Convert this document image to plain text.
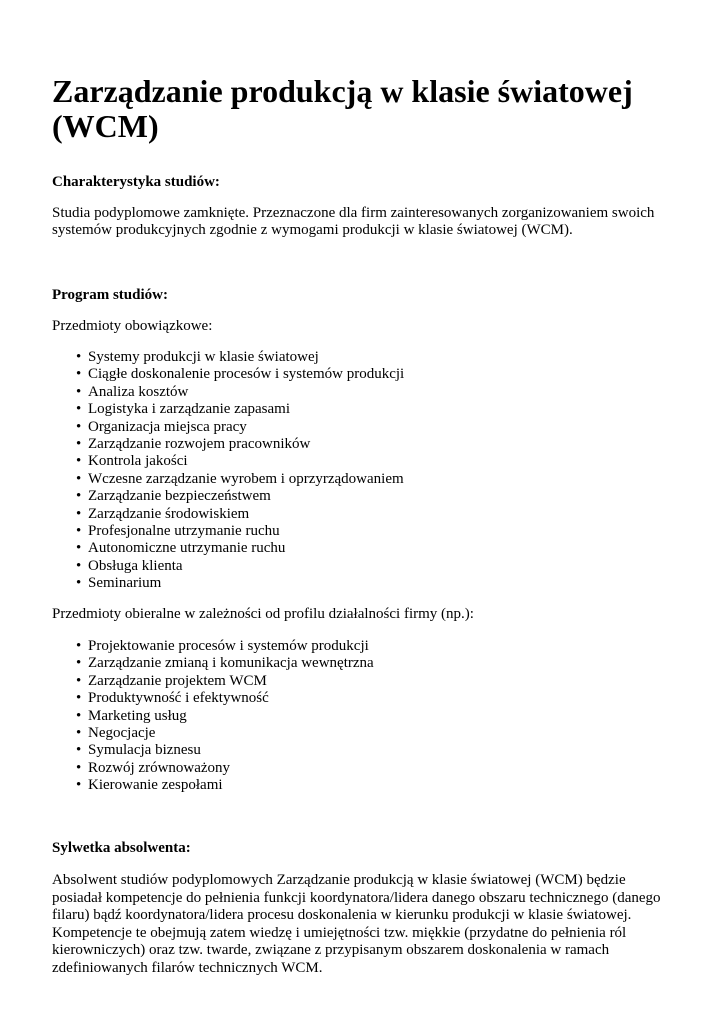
Zarządzanie produkcją w klasie światowej (WCM)
Charakterystyka studiów:

Studia podyplomowe zamknięte. Przeznaczone dla firm zainteresowanych zorganizowaniem swoich systemów produkcyjnych zgodnie z wymogami produkcji w klasie światowej (WCM).

Program studiów:

Przedmioty obowiązkowe:

• Systemy produkcji w klasie światowej
• Ciągłe doskonalenie procesów i systemów produkcji
• Analiza kosztów
• Logistyka i zarządzanie zapasami
• Organizacja miejsca pracy
• Zarządzanie rozwojem pracowników
• Kontrola jakości
• Wczesne zarządzanie wyrobem i oprzyrządowaniem
• Zarządzanie bezpieczeństwem
• Zarządzanie środowiskiem
• Profesjonalne utrzymanie ruchu
• Autonomiczne utrzymanie ruchu
• Obsługa klienta
• Seminarium

Przedmioty obieralne w zależności od profilu działalności firmy (np.):

• Projektowanie procesów i systemów produkcji
• Zarządzanie zmianą i komunikacja wewnętrzna
• Zarządzanie projektem WCM
• Produktywność i efektywność
• Marketing usług
• Negocjacje
• Symulacja biznesu
• Rozwój zrównoważony
• Kierowanie zespołami
Sylwetka absolwenta:

Absolwent studiów podyplomowych Zarządzanie produkcją w klasie światowej (WCM) będzie posiadał kompetencje do pełnienia funkcji koordynatora/lidera danego obszaru technicznego (danego filaru) bądź koordynatora/lidera procesu doskonalenia w kierunku produkcji w klasie światowej. Kompetencje te obejmują zatem wiedzę i umiejętności tzw. miękkie (przydatne do pełnienia ról kierowniczych) oraz tzw. twarde, związane z przypisanym obszarem doskonalenia w ramach zdefiniowanych filarów technicznych WCM.
